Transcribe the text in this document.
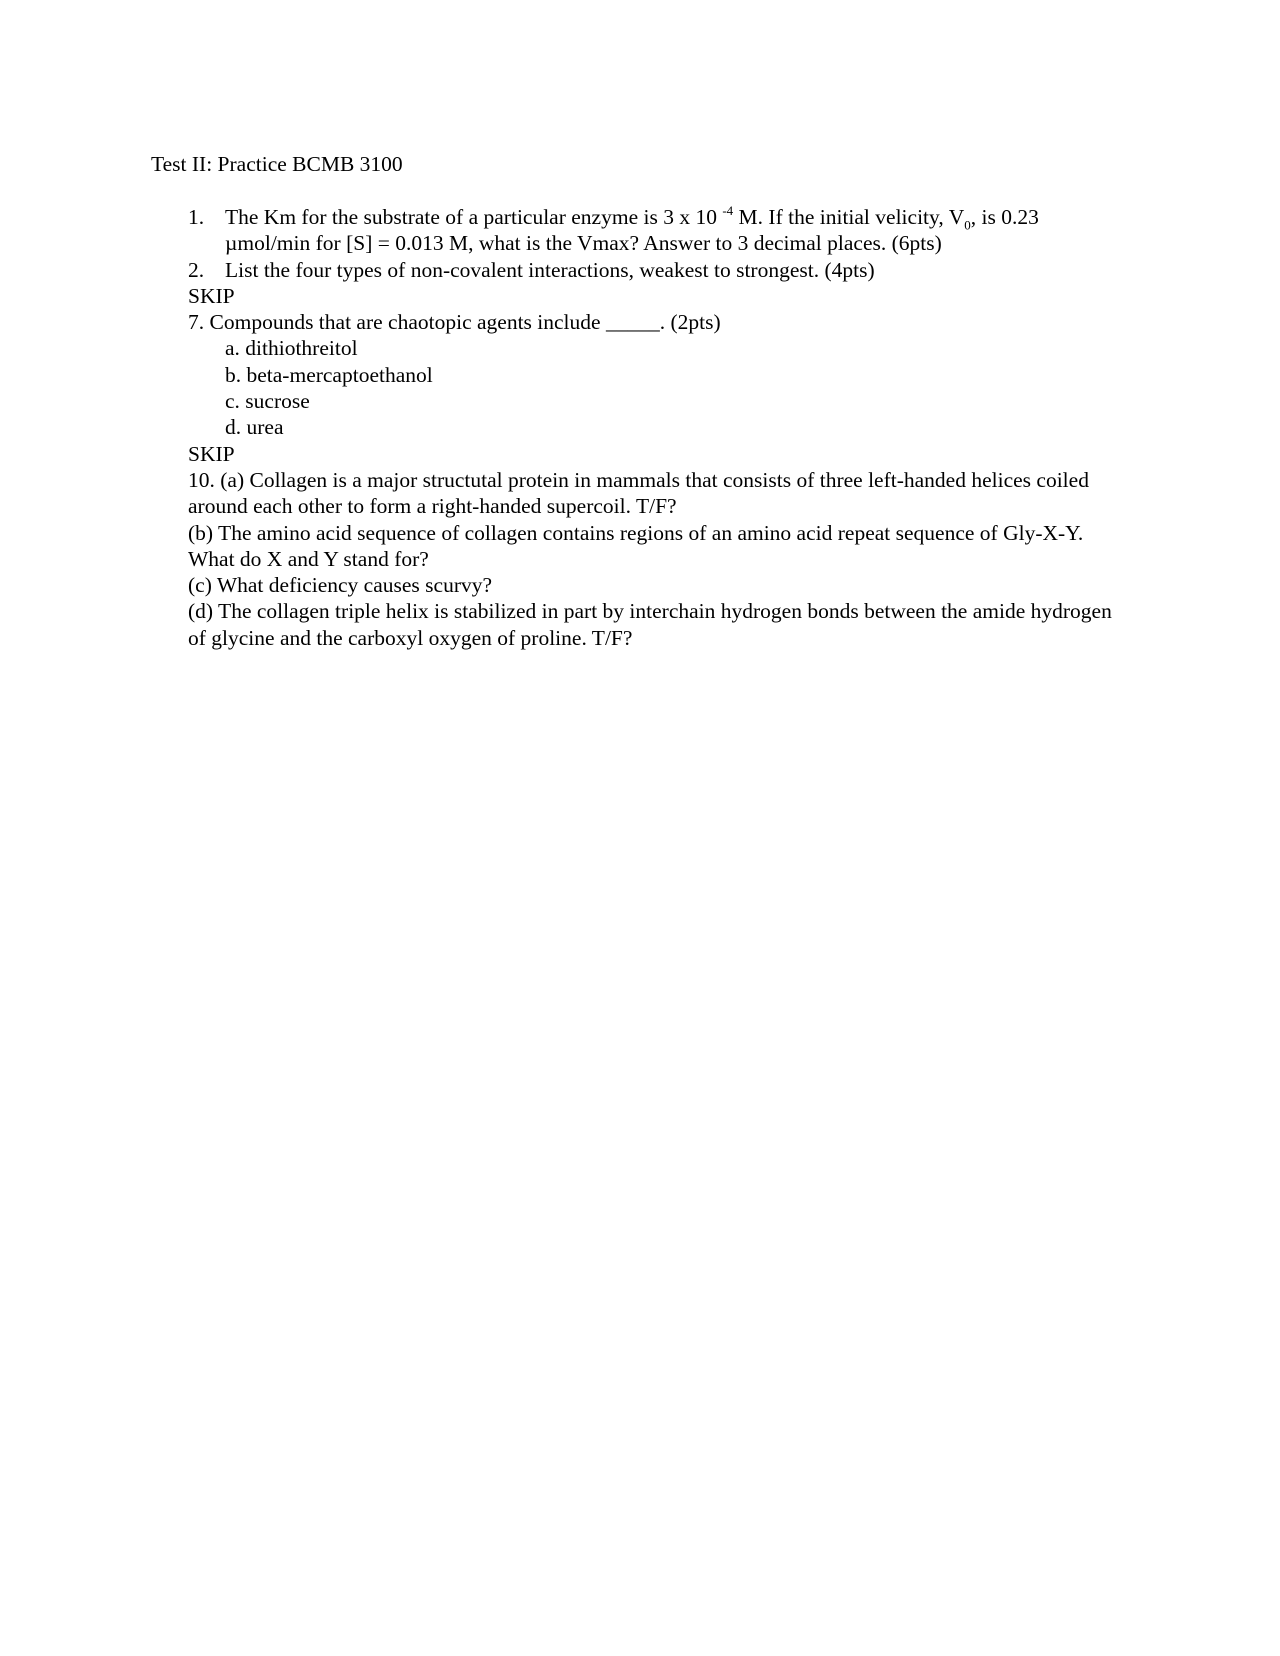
Test II: Practice BCMB 3100
1. The Km for the substrate of a particular enzyme is 3 x 10 $^{-4}$ M. If the initial velicity, $V_0$, is 0.23 µmol/min for [S] = 0.013 M, what is the Vmax? Answer to 3 decimal places. (6pts)
2. List the four types of non-covalent interactions, weakest to strongest. (4pts)
SKIP
7. Compounds that are chaotopic agents include _____. (2pts)
a. dithiothreitol
b. beta-mercaptoethanol
c. sucrose
d. urea
SKIP
10. (a) Collagen is a major structutal protein in mammals that consists of three left-handed helices coiled around each other to form a right-handed supercoil. T/F?
(b) The amino acid sequence of collagen contains regions of an amino acid repeat sequence of Gly-X-Y. What do X and Y stand for?
(c) What deficiency causes scurvy?
(d) The collagen triple helix is stabilized in part by interchain hydrogen bonds between the amide hydrogen of glycine and the carboxyl oxygen of proline. T/F?
